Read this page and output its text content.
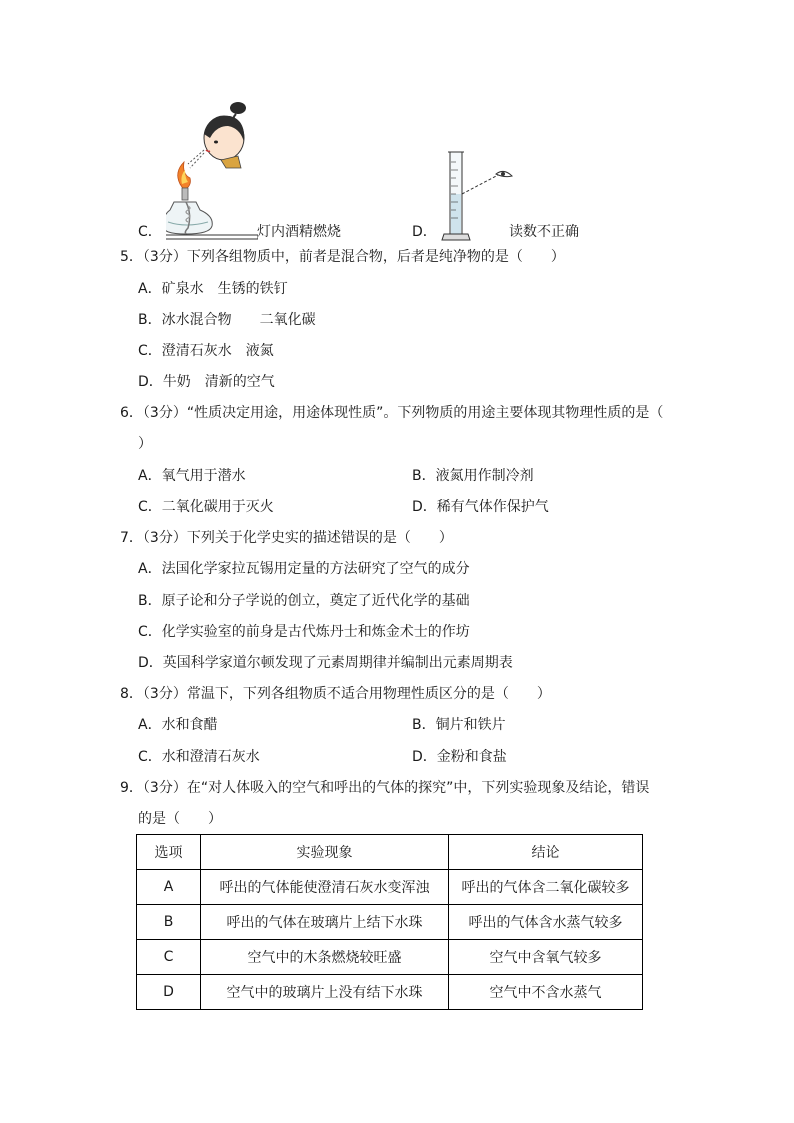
C．	灯内酒精燃烧	D．	读数不正确
5．（3分）下列各组物质中，前者是混合物，后者是纯净物的是（　　）
A．矿泉水　生锈的铁钉
B．冰水混合物　　二氧化碳
C．澄清石灰水　液氮
D．牛奶　清新的空气
6．（3分）“性质决定用途，用途体现性质”。下列物质的用途主要体现其物理性质的是（
）
A．氧气用于潜水	B．液氮用作制冷剂
C．二氧化碳用于灭火	D．稀有气体作保护气
7．（3分）下列关于化学史实的描述错误的是（　　）
A．法国化学家拉瓦锡用定量的方法研究了空气的成分
B．原子论和分子学说的创立，奠定了近代化学的基础
C．化学实验室的前身是古代炼丹士和炼金术士的作坊
D．英国科学家道尔顿发现了元素周期律并编制出元素周期表
8．（3分）常温下，下列各组物质不适合用物理性质区分的是（　　）
A．水和食醋	B．铜片和铁片
C．水和澄清石灰水	D．金粉和食盐
9．（3分）在“对人体吸入的空气和呼出的气体的探究”中，下列实验现象及结论，错误
的是（　　）
选项	实验现象	结论
A	呼出的气体能使澄清石灰水变浑浊	呼出的气体含二氧化碳较多
B	呼出的气体在玻璃片上结下水珠	呼出的气体含水蒸气较多
C	空气中的木条燃烧较旺盛	空气中含氧气较多
D	空气中的玻璃片上没有结下水珠	空气中不含水蒸气
